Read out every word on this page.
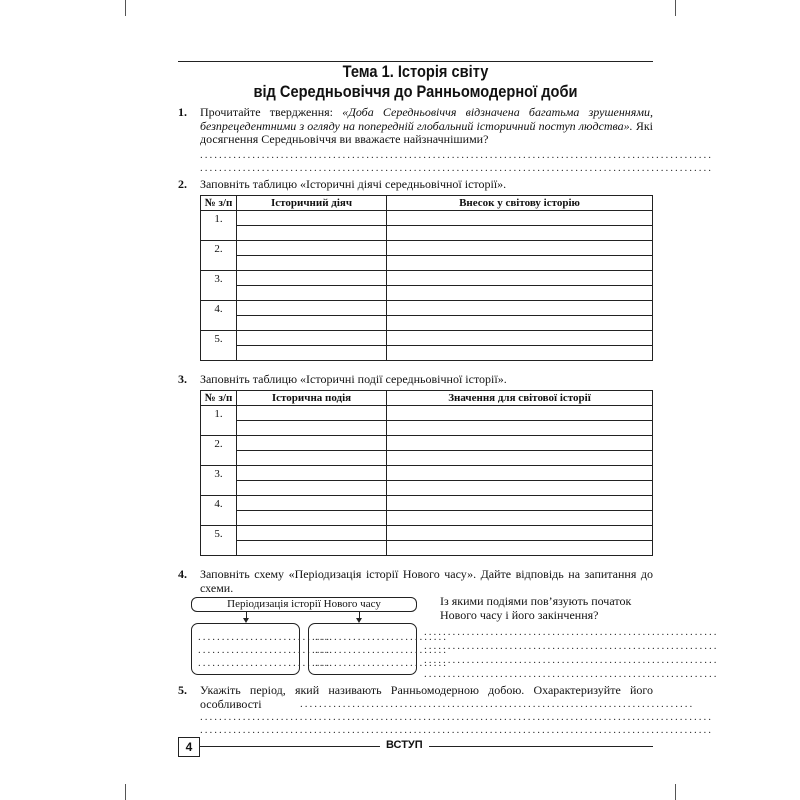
Тема 1. Історія світу
від Середньовіччя до Ранньомодерної доби
1. Прочитайте твердження: «Доба Середньовіччя відзначена багатьма зрушеннями, безпрецедентними з огляду на попередній глобальний історичний поступ людства». Які досягнення Середньовіччя ви вважаєте найзначнішими?
............................................................................................................
............................................................................................................
2. Заповніть таблицю «Історичні діячі середньовічної історії».
№ з/п	Історичний діяч	Внесок у світову історію
1.		

2.		

3.		

4.		

5.		

3. Заповніть таблицю «Історичні події середньовічної історії».
№ з/п	Історична подія	Значення для світової історії
1.		

2.		

3.		

4.		

5.		

4. Заповніть схему «Періодизація історії Нового часу». Дайте відповідь на запитання до схеми.
Періодизація історії Нового часу
............................
............................
............................
............................
............................
............................
Із якими подіями пов’язують початок Нового часу і його закінчення?
..............................................................
..............................................................
..............................................................
..............................................................
5. Укажіть період, який називають Ранньомодерною добою. Охарактеризуйте його особливості	...................................................................................
............................................................................................................
............................................................................................................
4	ВСТУП
